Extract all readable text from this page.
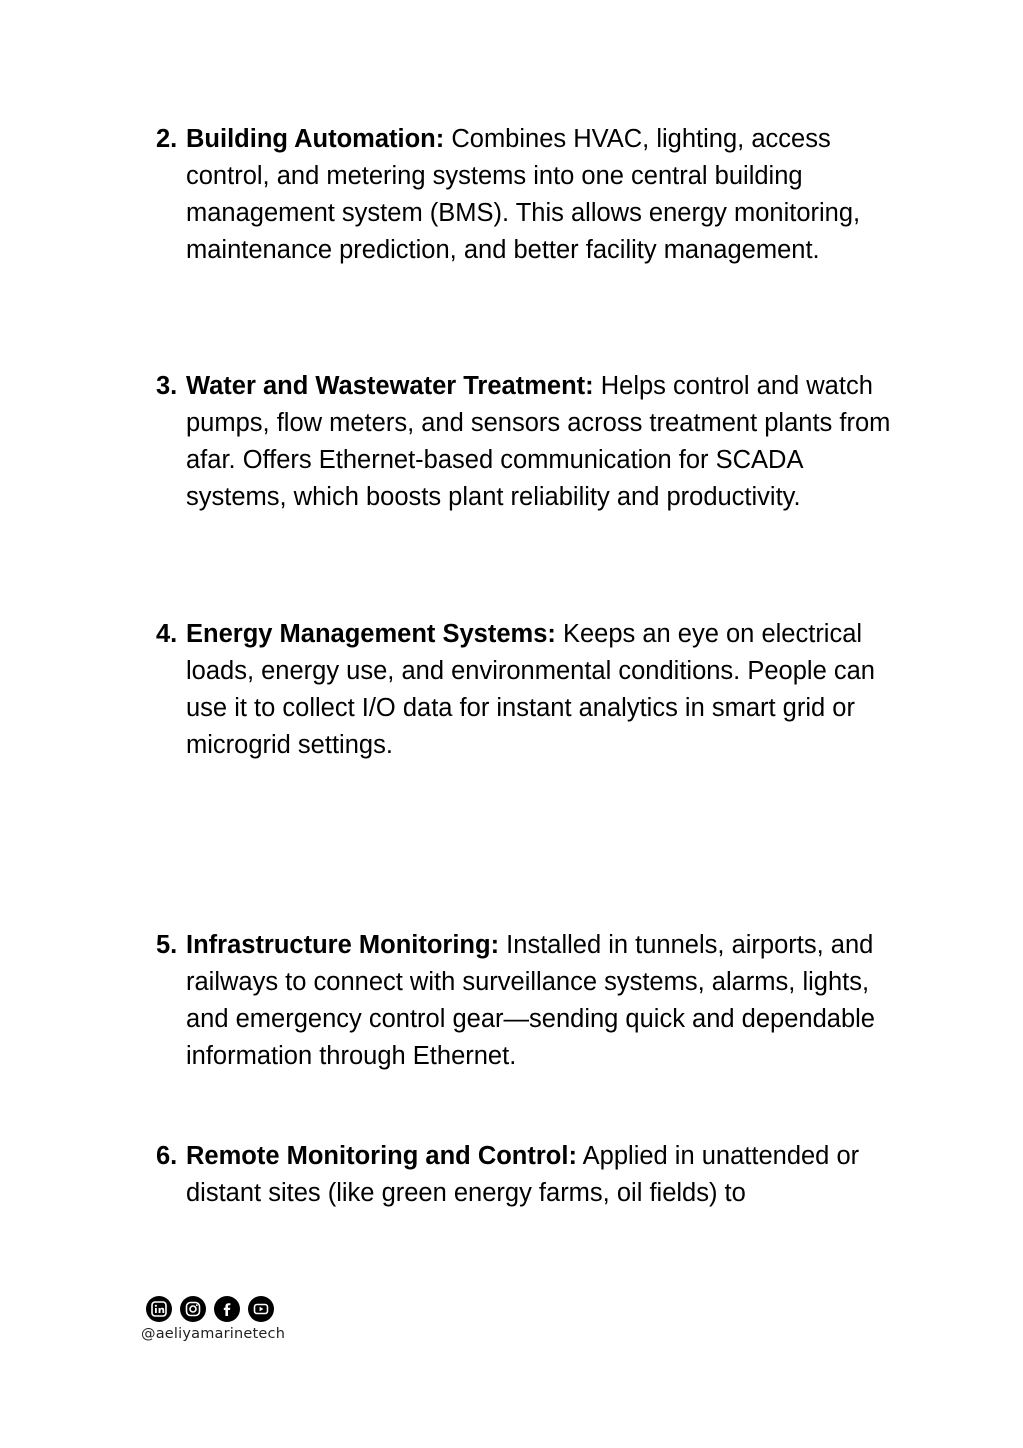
2. Building Automation: Combines HVAC, lighting, access control, and metering systems into one central building management system (BMS). This allows energy monitoring, maintenance prediction, and better facility management.
3. Water and Wastewater Treatment: Helps control and watch pumps, flow meters, and sensors across treatment plants from afar. Offers Ethernet-based communication for SCADA systems, which boosts plant reliability and productivity.
4. Energy Management Systems: Keeps an eye on electrical loads, energy use, and environmental conditions. People can use it to collect I/O data for instant analytics in smart grid or microgrid settings.
5. Infrastructure Monitoring: Installed in tunnels, airports, and railways to connect with surveillance systems, alarms, lights, and emergency control gear—sending quick and dependable information through Ethernet.
6. Remote Monitoring and Control: Applied in unattended or distant sites (like green energy farms, oil fields) to
@aeliyamarinetech
